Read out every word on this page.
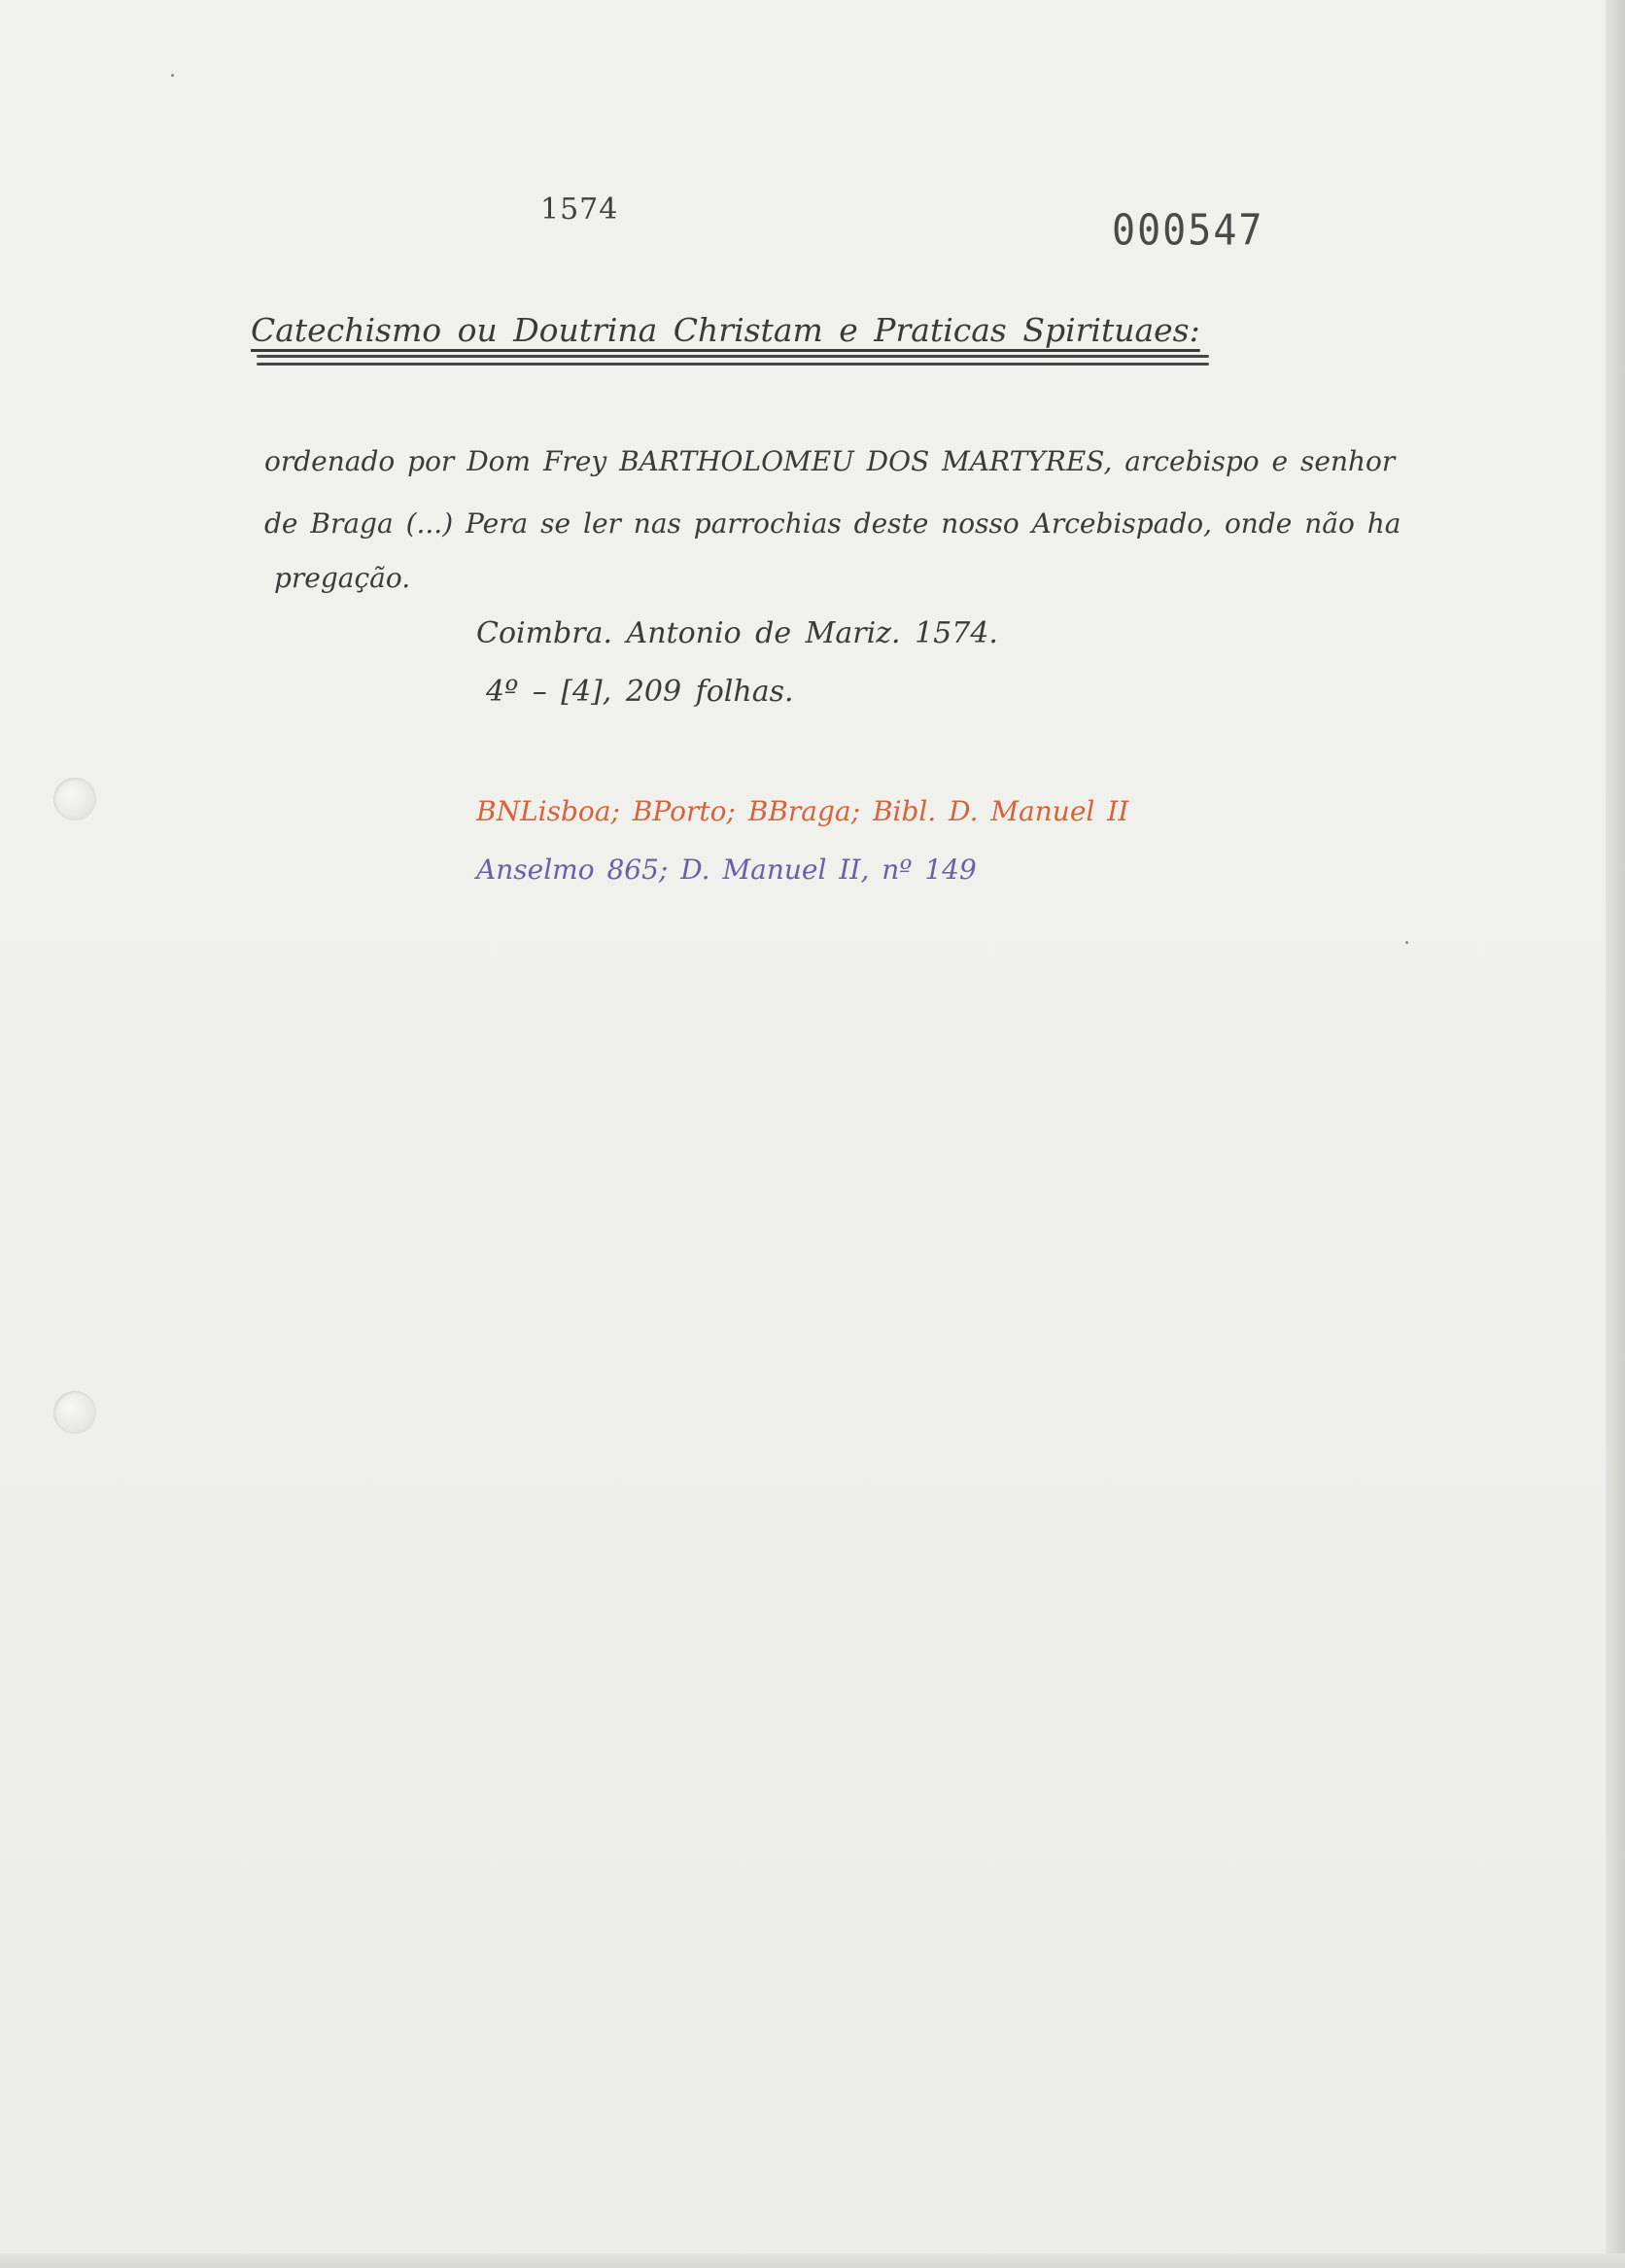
1574	000547
Catechismo ou Doutrina Christam e Praticas Spirituaes:
ordenado por Dom Frey BARTHOLOMEU DOS MARTYRES, arcebispo e senhor
de Braga (...) Pera se ler nas parrochias deste nosso Arcebispado, onde não ha
pregação.
Coimbra. Antonio de Mariz. 1574.
4º – [4], 209 folhas.
BNLisboa; BPorto; BBraga; Bibl. D. Manuel II
Anselmo 865; D. Manuel II, nº 149
